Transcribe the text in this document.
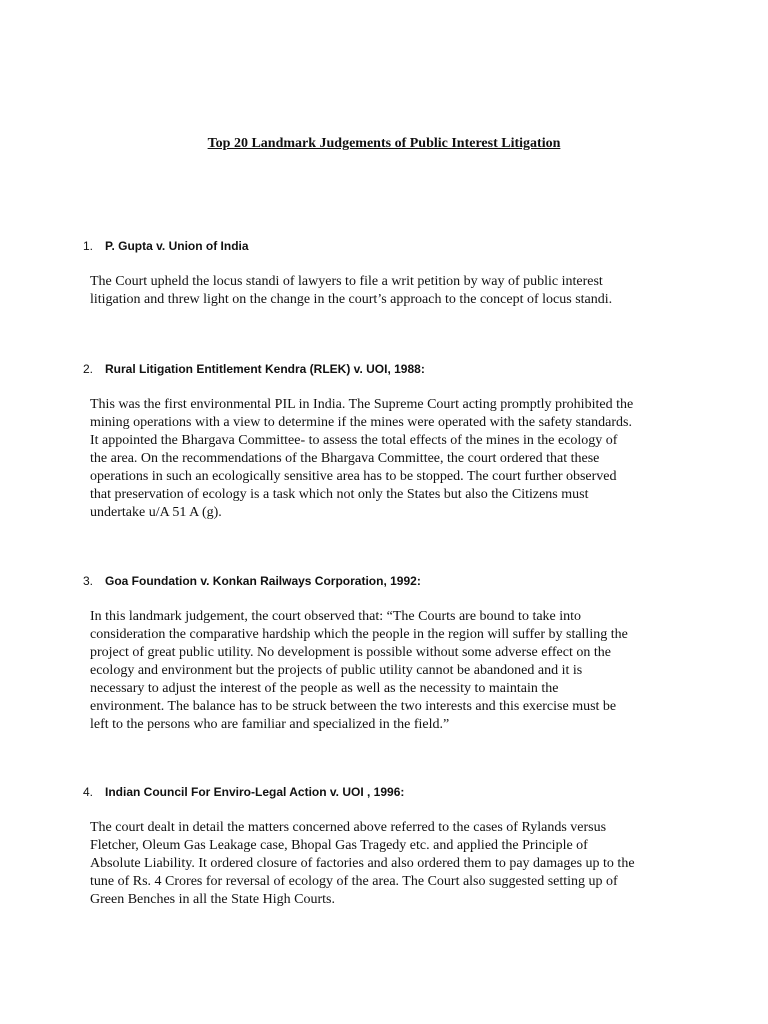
Top 20 Landmark Judgements of Public Interest Litigation
1. P. Gupta v. Union of India
The Court upheld the locus standi of lawyers to file a writ petition by way of public interest
litigation and threw light on the change in the court’s approach to the concept of locus standi.
2. Rural Litigation Entitlement Kendra (RLEK) v. UOI, 1988:
This was the first environmental PIL in India. The Supreme Court acting promptly prohibited the
mining operations with a view to determine if the mines were operated with the safety standards.
It appointed the Bhargava Committee- to assess the total effects of the mines in the ecology of
the area. On the recommendations of the Bhargava Committee, the court ordered that these
operations in such an ecologically sensitive area has to be stopped. The court further observed
that preservation of ecology is a task which not only the States but also the Citizens must
undertake u/A 51 A (g).
3. Goa Foundation v. Konkan Railways Corporation, 1992:
In this landmark judgement, the court observed that: “The Courts are bound to take into
consideration the comparative hardship which the people in the region will suffer by stalling the
project of great public utility. No development is possible without some adverse effect on the
ecology and environment but the projects of public utility cannot be abandoned and it is
necessary to adjust the interest of the people as well as the necessity to maintain the
environment. The balance has to be struck between the two interests and this exercise must be
left to the persons who are familiar and specialized in the field.”
4. Indian Council For Enviro-Legal Action v. UOI , 1996:
The court dealt in detail the matters concerned above referred to the cases of Rylands versus
Fletcher, Oleum Gas Leakage case, Bhopal Gas Tragedy etc. and applied the Principle of
Absolute Liability. It ordered closure of factories and also ordered them to pay damages up to the
tune of Rs. 4 Crores for reversal of ecology of the area. The Court also suggested setting up of
Green Benches in all the State High Courts.
